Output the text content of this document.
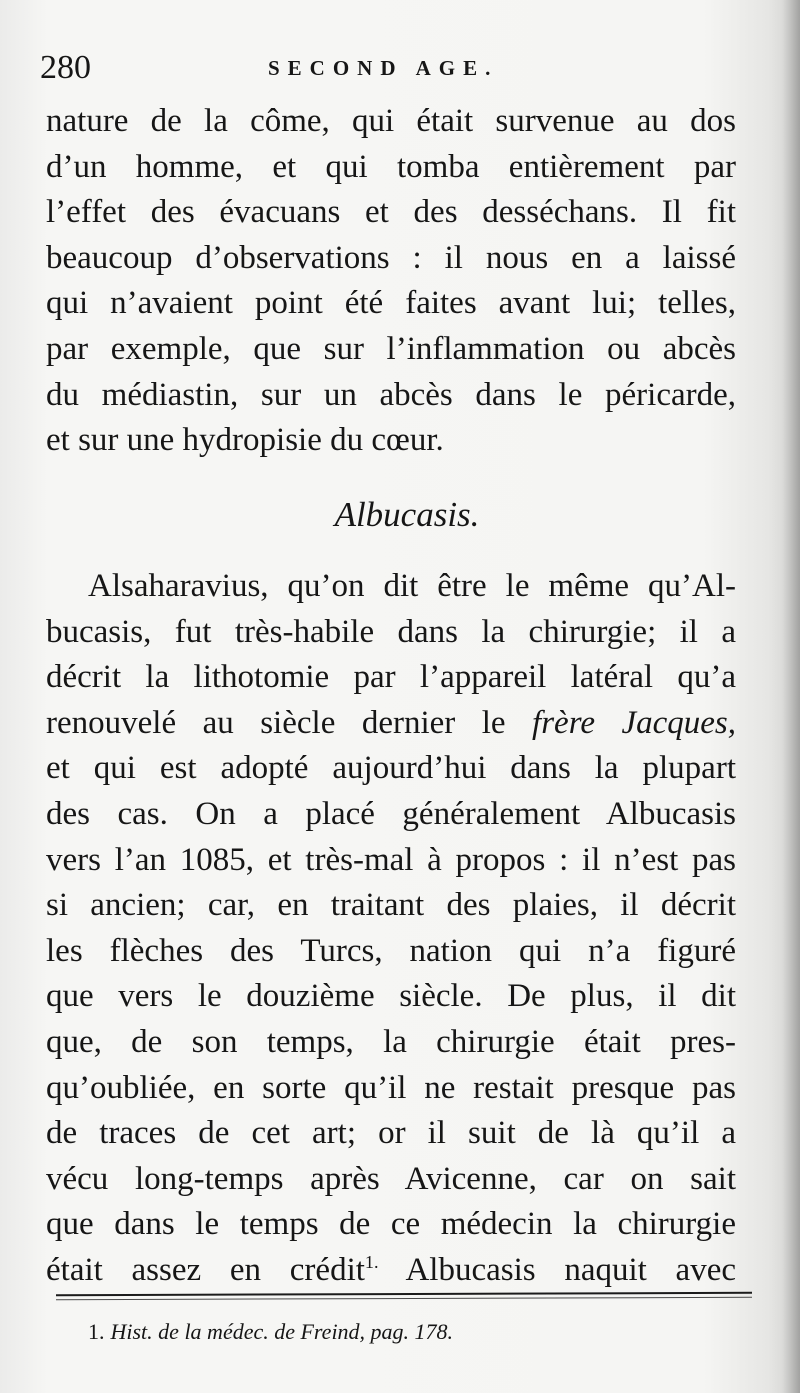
280	SECOND AGE.
nature de la côme, qui était survenue au dos
d’un homme, et qui tomba entièrement par
l’effet des évacuans et des desséchans. Il fit
beaucoup d’observations : il nous en a laissé
qui n’avaient point été faites avant lui; telles,
par exemple, que sur l’inflammation ou abcès
du médiastin, sur un abcès dans le péricarde,
et sur une hydropisie du cœur.
Albucasis.
Alsaharavius, qu’on dit être le même qu’Al-
bucasis, fut très-habile dans la chirurgie; il a
décrit la lithotomie par l’appareil latéral qu’a
renouvelé au siècle dernier le frère Jacques,
et qui est adopté aujourd’hui dans la plupart
des cas. On a placé généralement Albucasis
vers l’an 1085, et très-mal à propos : il n’est pas
si ancien; car, en traitant des plaies, il décrit
les flèches des Turcs, nation qui n’a figuré
que vers le douzième siècle. De plus, il dit
que, de son temps, la chirurgie était pres-
qu’oubliée, en sorte qu’il ne restait presque pas
de traces de cet art; or il suit de là qu’il a
vécu long-temps après Avicenne, car on sait
que dans le temps de ce médecin la chirurgie
était assez en crédit$^{1.}$ Albucasis naquit avec
1. Hist. de la médec. de Freind, pag. 178.
